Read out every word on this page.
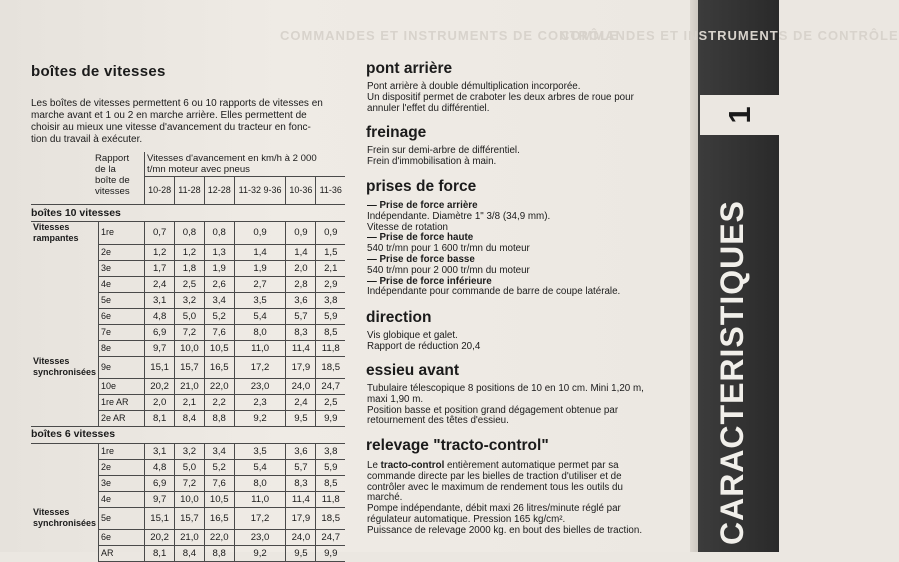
1
CARACTERISTIQUES
COMMANDES ET INSTRUMENTS DE CONTRÔLE
COMMANDES ET INSTRUMENTS DE CONTRÔLE
boîtes de vitesses
Les boîtes de vitesses permettent 6 ou 10 rapports de vitesses en
marche avant et 1 ou 2 en marche arrière. Elles permettent de
choisir au mieux une vitesse d'avancement du tracteur en fonc-
tion du travail à exécuter.
Rapport de la boîte de vitesses		Vitesses d'avancement en km/h à 2 000 t/mn moteur avec pneus					

		10-28	11-28	12-28	11-32 9-36	10-36	11-36
boîtes 10 vitesses							
Vitesses rampantes	1re	0,7	0,8	0,8	0,9	0,9	0,9
	2e	1,2	1,2	1,3	1,4	1,4	1,5
	3e	1,7	1,8	1,9	1,9	2,0	2,1
	4e	2,4	2,5	2,6	2,7	2,8	2,9
	5e	3,1	3,2	3,4	3,5	3,6	3,8
	6e	4,8	5,0	5,2	5,4	5,7	5,9
	7e	6,9	7,2	7,6	8,0	8,3	8,5
	8e	9,7	10,0	10,5	11,0	11,4	11,8
Vitesses synchronisées	9e	15,1	15,7	16,5	17,2	17,9	18,5
	10e	20,2	21,0	22,0	23,0	24,0	24,7
	1re AR	2,0	2,1	2,2	2,3	2,4	2,5
	2e AR	8,1	8,4	8,8	9,2	9,5	9,9
boîtes 6 vitesses							
	1re	3,1	3,2	3,4	3,5	3,6	3,8
	2e	4,8	5,0	5,2	5,4	5,7	5,9
	3e	6,9	7,2	7,6	8,0	8,3	8,5
	4e	9,7	10,0	10,5	11,0	11,4	11,8
Vitesses synchronisées	5e	15,1	15,7	16,5	17,2	17,9	18,5
	6e	20,2	21,0	22,0	23,0	24,0	24,7
	AR	8,1	8,4	8,8	9,2	9,5	9,9
pont arrière
Pont arrière à double démultiplication incorporée.
Un dispositif permet de craboter les deux arbres de roue pour
annuler l'effet du différentiel.
freinage
Frein sur demi-arbre de différentiel.
Frein d'immobilisation à main.
prises de force
— Prise de force arrière
Indépendante. Diamètre 1" 3/8 (34,9 mm).
Vitesse de rotation
— Prise de force haute
540 tr/mn pour 1 600 tr/mn du moteur
— Prise de force basse
540 tr/mn pour 2 000 tr/mn du moteur
— Prise de force inférieure
Indépendante pour commande de barre de coupe latérale.
direction
Vis globique et galet.
Rapport de réduction 20,4
essieu avant
Tubulaire télescopique 8 positions de 10 en 10 cm. Mini 1,20 m,
maxi 1,90 m.
Position basse et position grand dégagement obtenue par
retournement des têtes d'essieu.
relevage "tracto-control"
Le tracto-control entièrement automatique permet par sa
commande directe par les bielles de traction d'utiliser et de
contrôler avec le maximum de rendement tous les outils du
marché.
Pompe indépendante, débit maxi 26 litres/minute réglé par
régulateur automatique. Pression 165 kg/cm².
Puissance de relevage 2000 kg. en bout des bielles de traction.
